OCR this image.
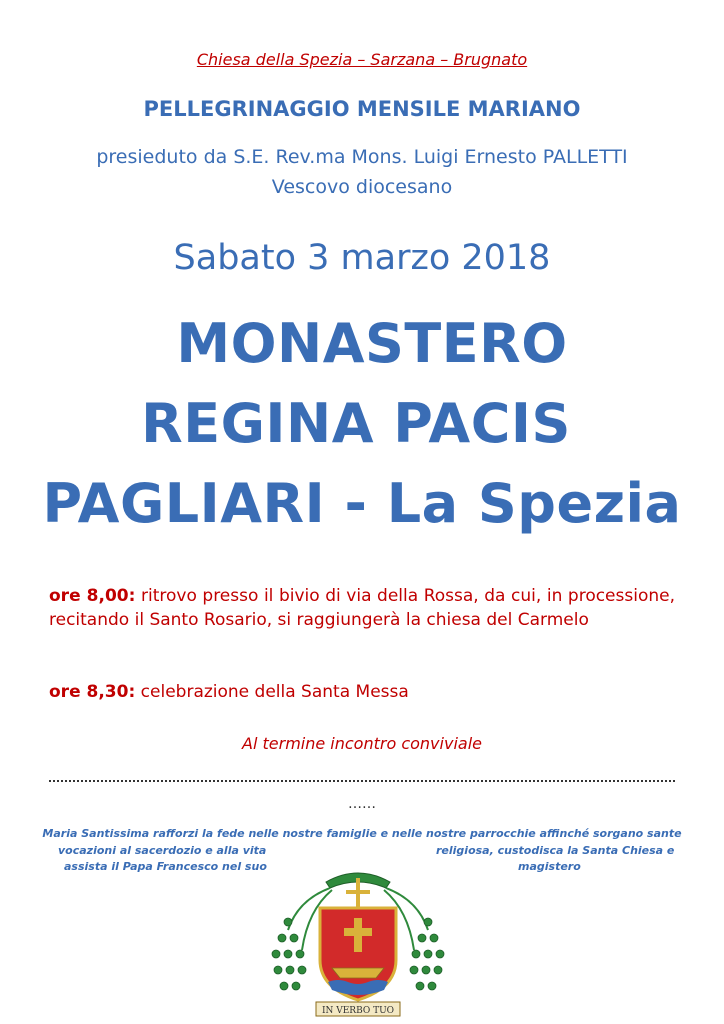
Chiesa della Spezia – Sarzana – Brugnato
PELLEGRINAGGIO MENSILE MARIANO
presieduto da S.E. Rev.ma Mons. Luigi Ernesto PALLETTI
Vescovo diocesano
Sabato 3 marzo 2018
MONASTERO
REGINA PACIS
PAGLIARI - La Spezia
ore 8,00: ritrovo presso il bivio di via della Rossa, da cui, in processione, recitando il Santo Rosario, si raggiungerà la chiesa del Carmelo
ore 8,30: celebrazione della Santa Messa
Al termine incontro conviviale
……
Maria Santissima rafforzi la fede nelle nostre famiglie e nelle nostre parrocchie affinché sorgano sante
vocazioni al sacerdozio e alla vita
assista il Papa Francesco nel suo
religiosa, custodisca la Santa Chiesa e
magistero
IN VERBO TUO
